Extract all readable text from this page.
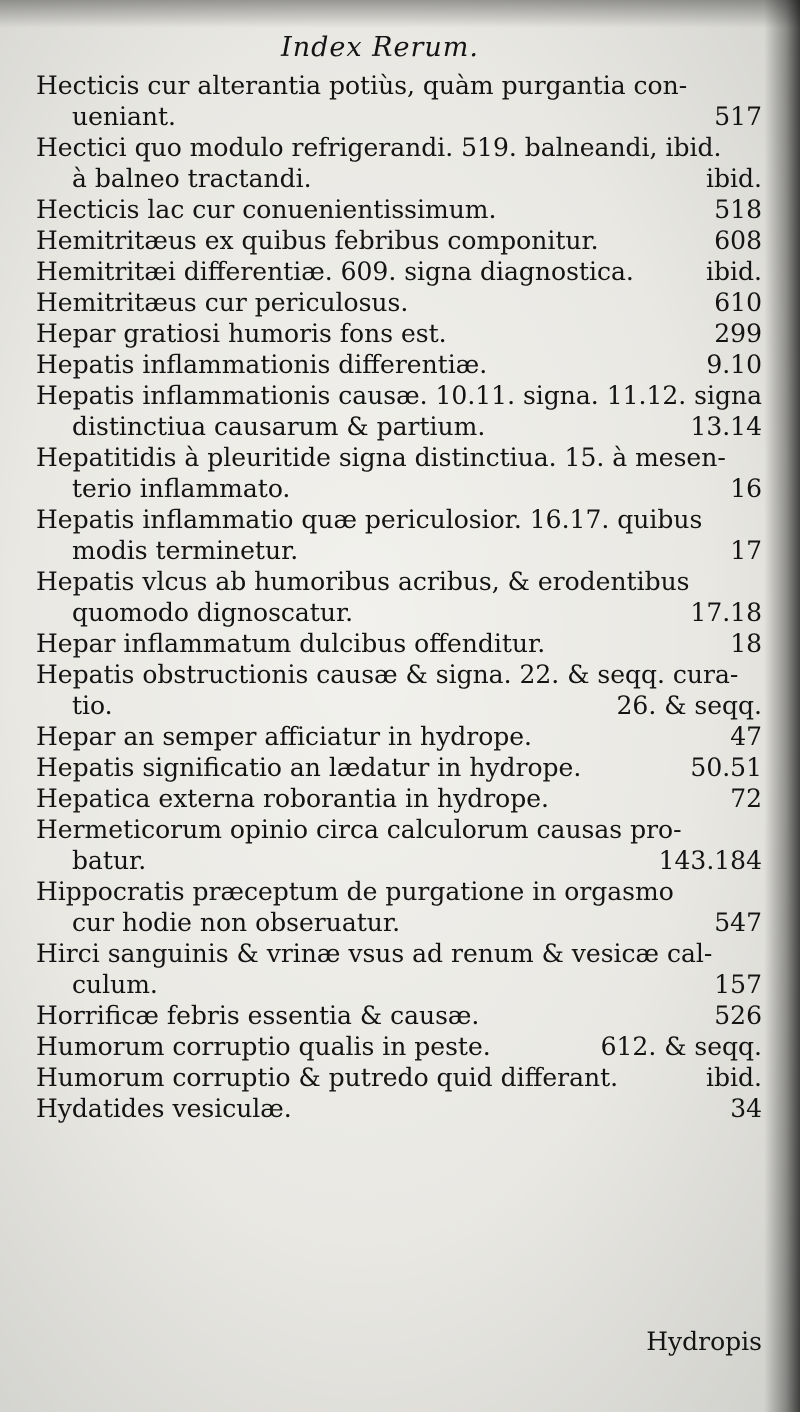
Index Rerum.
Hecticis cur alterantia potiùs, quàm purgantia con-
ueniant.	517
Hectici quo modulo refrigerandi. 519. balneandi, ibid.
à balneo tractandi.	ibid.
Hecticis lac cur conuenientissimum.	518
Hemitritæus ex quibus febribus componitur.	608
Hemitritæi differentiæ. 609. signa diagnostica.	ibid.
Hemitritæus cur periculosus.	610
Hepar gratiosi humoris fons est.	299
Hepatis inflammationis differentiæ.	9.10
Hepatis inflammationis causæ. 10.11. signa. 11.12. signa
distinctiua causarum & partium.	13.14
Hepatitidis à pleuritide signa distinctiua. 15. à mesen-
terio inflammato.	16
Hepatis inflammatio quæ periculosior. 16.17. quibus
modis terminetur.	17
Hepatis vlcus ab humoribus acribus, & erodentibus
quomodo dignoscatur.	17.18
Hepar inflammatum dulcibus offenditur.	18
Hepatis obstructionis causæ & signa. 22. & seqq. cura-
tio.	26. & seqq.
Hepar an semper afficiatur in hydrope.	47
Hepatis significatio an lædatur in hydrope.	50.51
Hepatica externa roborantia in hydrope.	72
Hermeticorum opinio circa calculorum causas pro-
batur.	143.184
Hippocratis præceptum de purgatione in orgasmo
cur hodie non obseruatur.	547
Hirci sanguinis & vrinæ vsus ad renum & vesicæ cal-
culum.	157
Horrificæ febris essentia & causæ.	526
Humorum corruptio qualis in peste.	612. & seqq.
Humorum corruptio & putredo quid differant.	ibid.
Hydatides vesiculæ.	34
Hydropis
